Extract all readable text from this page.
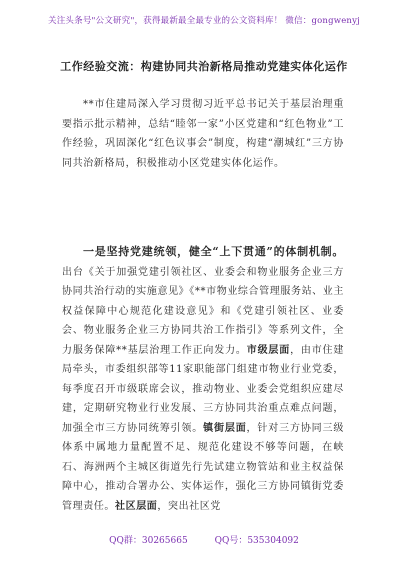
关注头条号"公文研究"，获得最新最全最专业的公文资料库！ 微信：gongwenyj
工作经验交流：构建协同共治新格局推动党建实体化运作
**市住建局深入学习贯彻习近平总书记关于基层治理重要指示批示精神，总结“睦邻一家”小区党建和“红色物业”工作经验，巩固深化“红色议事会”制度，构建“潮城红”三方协同共治新格局，积极推动小区党建实体化运作。
一是坚持党建统领，健全“上下贯通”的体制机制。出台《关于加强党建引领社区、业委会和物业服务企业三方协同共治行动的实施意见》《**市物业综合管理服务站、业主权益保障中心规范化建设意见》和《党建引领社区、业委会、物业服务企业三方协同共治工作指引》等系列文件，全力服务保障**基层治理工作正向发力。市级层面，由市住建局牵头，市委组织部等11家职能部门组建市物业行业党委，每季度召开市级联席会议，推动物业、业委会党组织应建尽建，定期研究物业行业发展、三方协同共治重点难点问题，加强全市三方协同统筹引领。镇街层面，针对三方协同三级体系中属地力量配置不足、规范化建设不够等问题，在峡石、海洲两个主城区街道先行先试建立物管站和业主权益保障中心，推动合署办公、实体运作，强化三方协同镇街党委管理责任。社区层面，突出社区党
QQ群：30265665	QQ号：535304092
